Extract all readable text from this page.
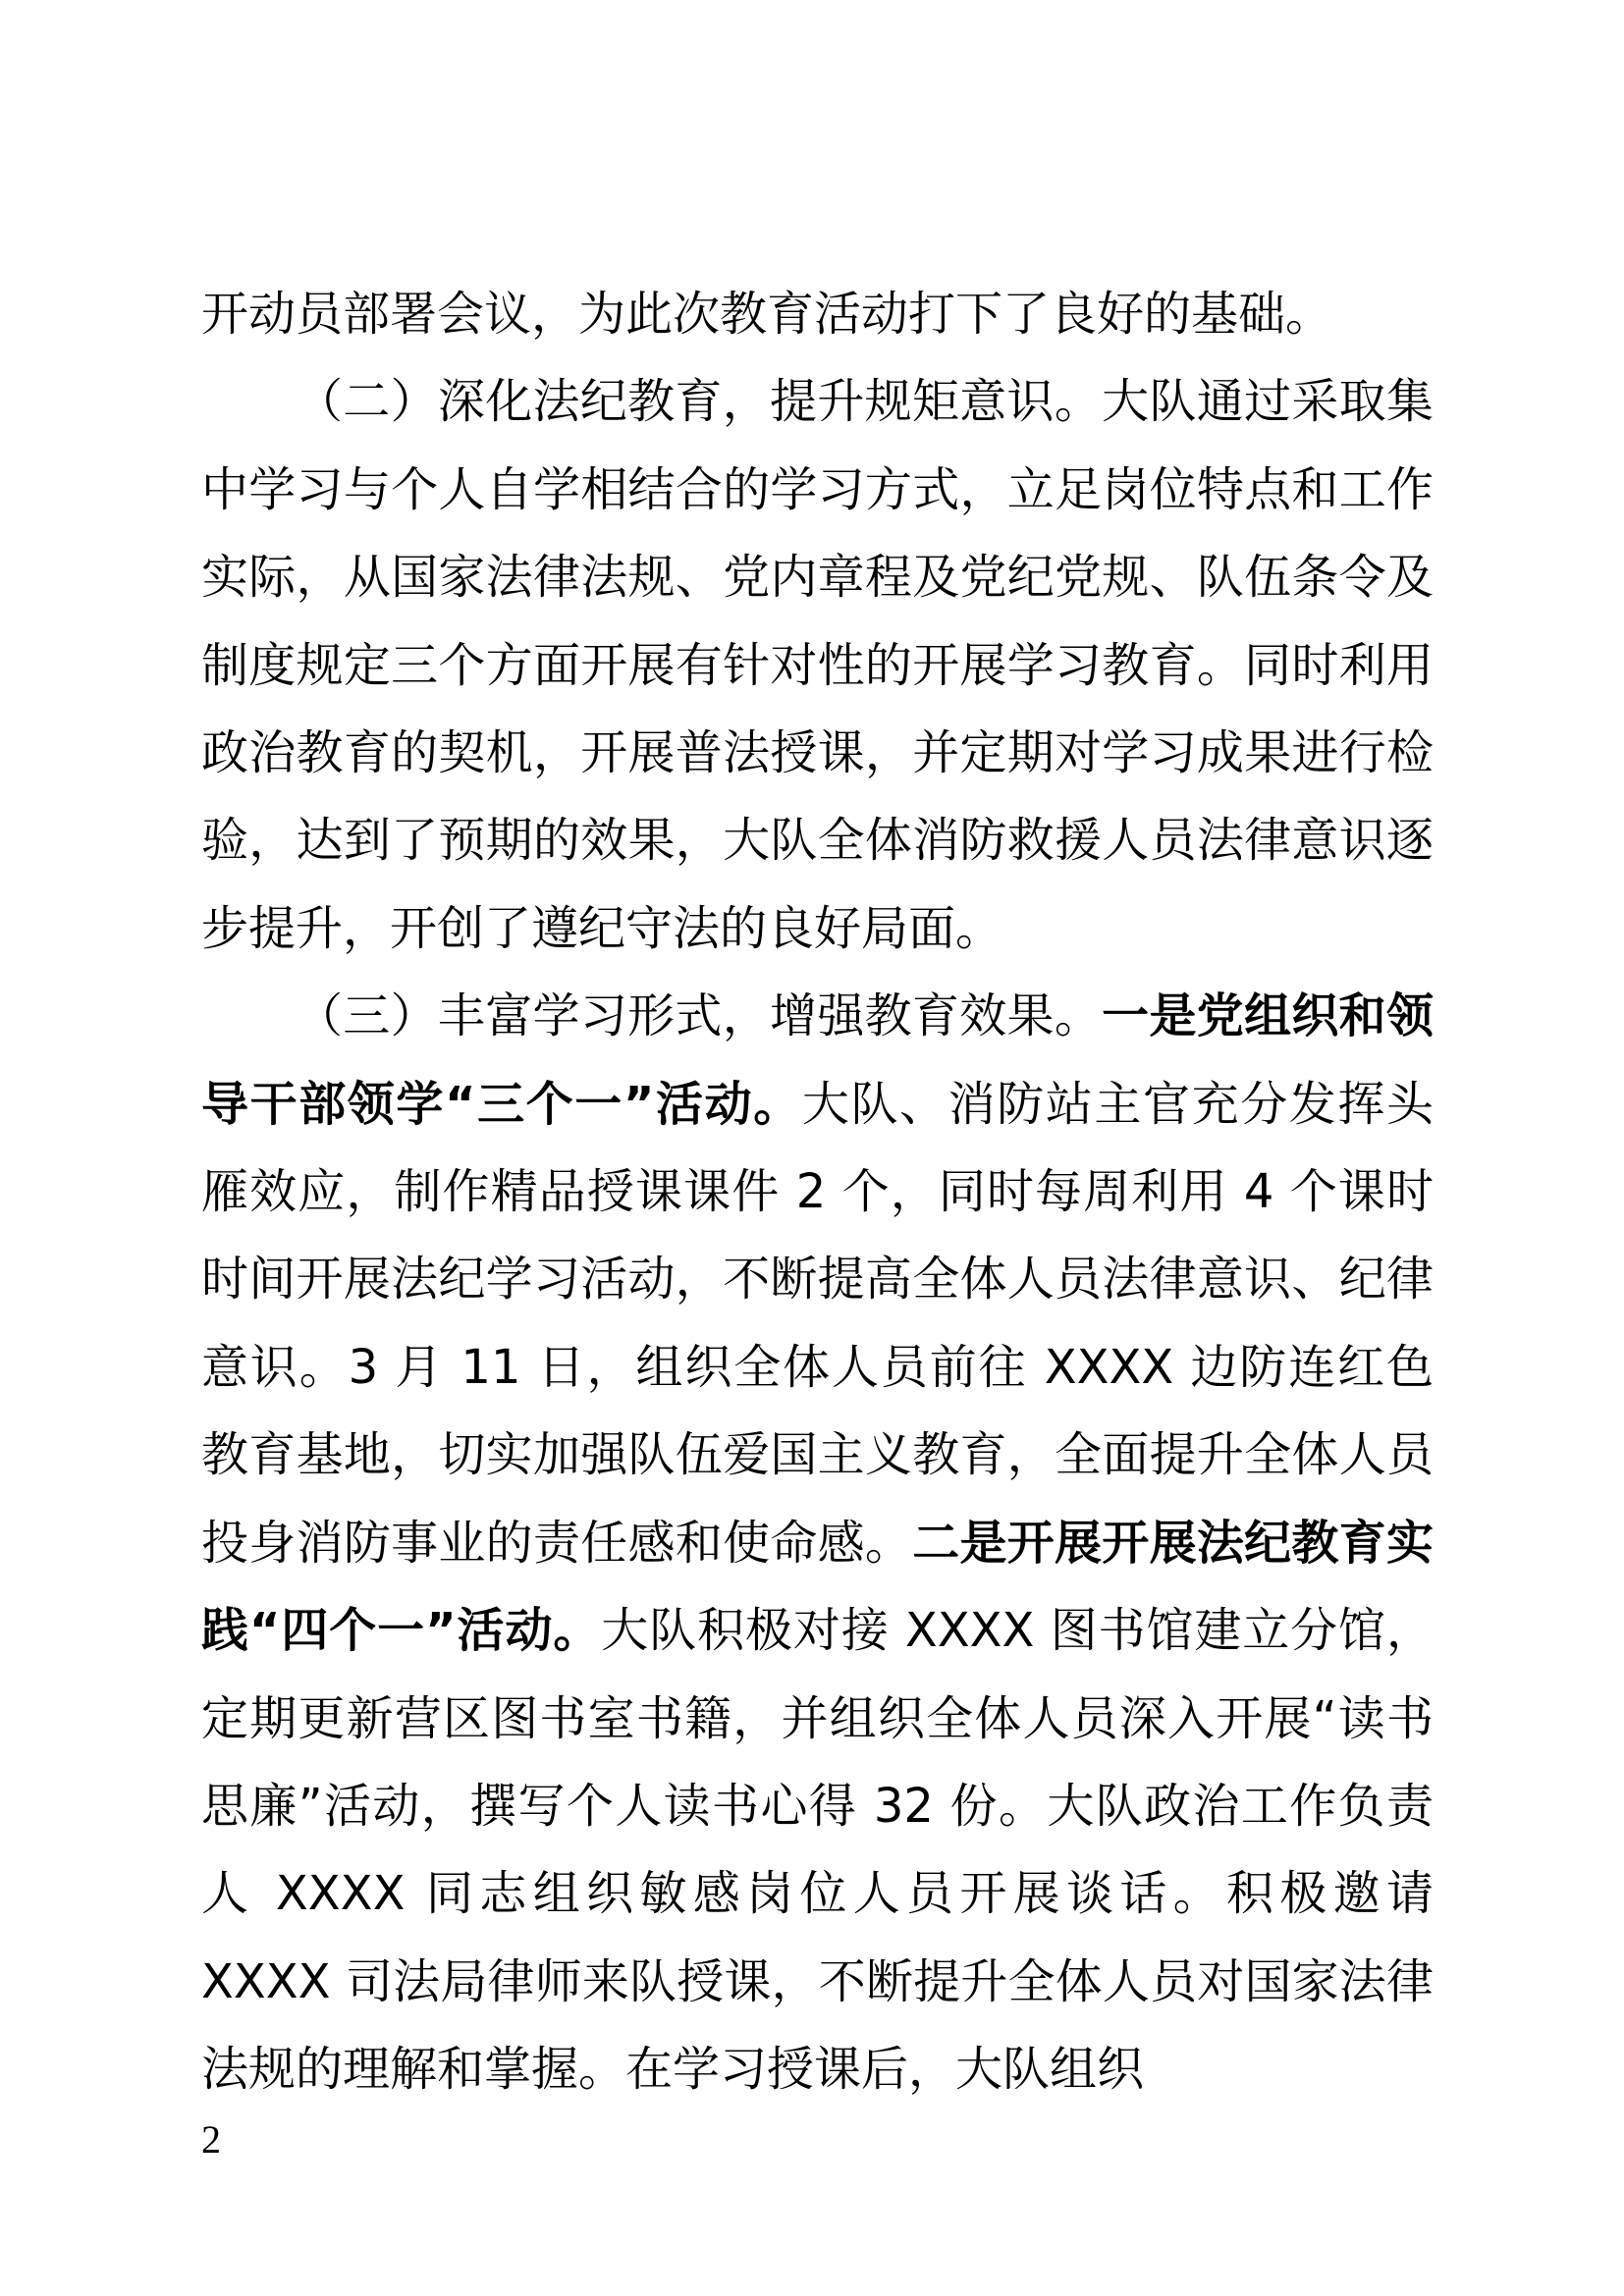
开动员部署会议，为此次教育活动打下了良好的基础。

（二）深化法纪教育，提升规矩意识。大队通过采取集中学习与个人自学相结合的学习方式，立足岗位特点和工作实际，从国家法律法规、党内章程及党纪党规、队伍条令及制度规定三个方面开展有针对性的开展学习教育。同时利用政治教育的契机，开展普法授课，并定期对学习成果进行检验，达到了预期的效果，大队全体消防救援人员法律意识逐步提升，开创了遵纪守法的良好局面。

（三）丰富学习形式，增强教育效果。一是党组织和领导干部领学“三个一”活动。大队、消防站主官充分发挥头雁效应，制作精品授课课件 2 个，同时每周利用 4 个课时时间开展法纪学习活动，不断提高全体人员法律意识、纪律意识。3 月 11 日，组织全体人员前往 XXXX 边防连红色教育基地，切实加强队伍爱国主义教育，全面提升全体人员投身消防事业的责任感和使命感。二是开展开展法纪教育实践“四个一”活动。大队积极对接 XXXX 图书馆建立分馆，定期更新营区图书室书籍，并组织全体人员深入开展“读书思廉”活动，撰写个人读书心得 32 份。大队政治工作负责人 XXXX 同志组织敏感岗位人员开展谈话。积极邀请 XXXX 司法局律师来队授课，不断提升全体人员对国家法律法规的理解和掌握。在学习授课后，大队组织

2
